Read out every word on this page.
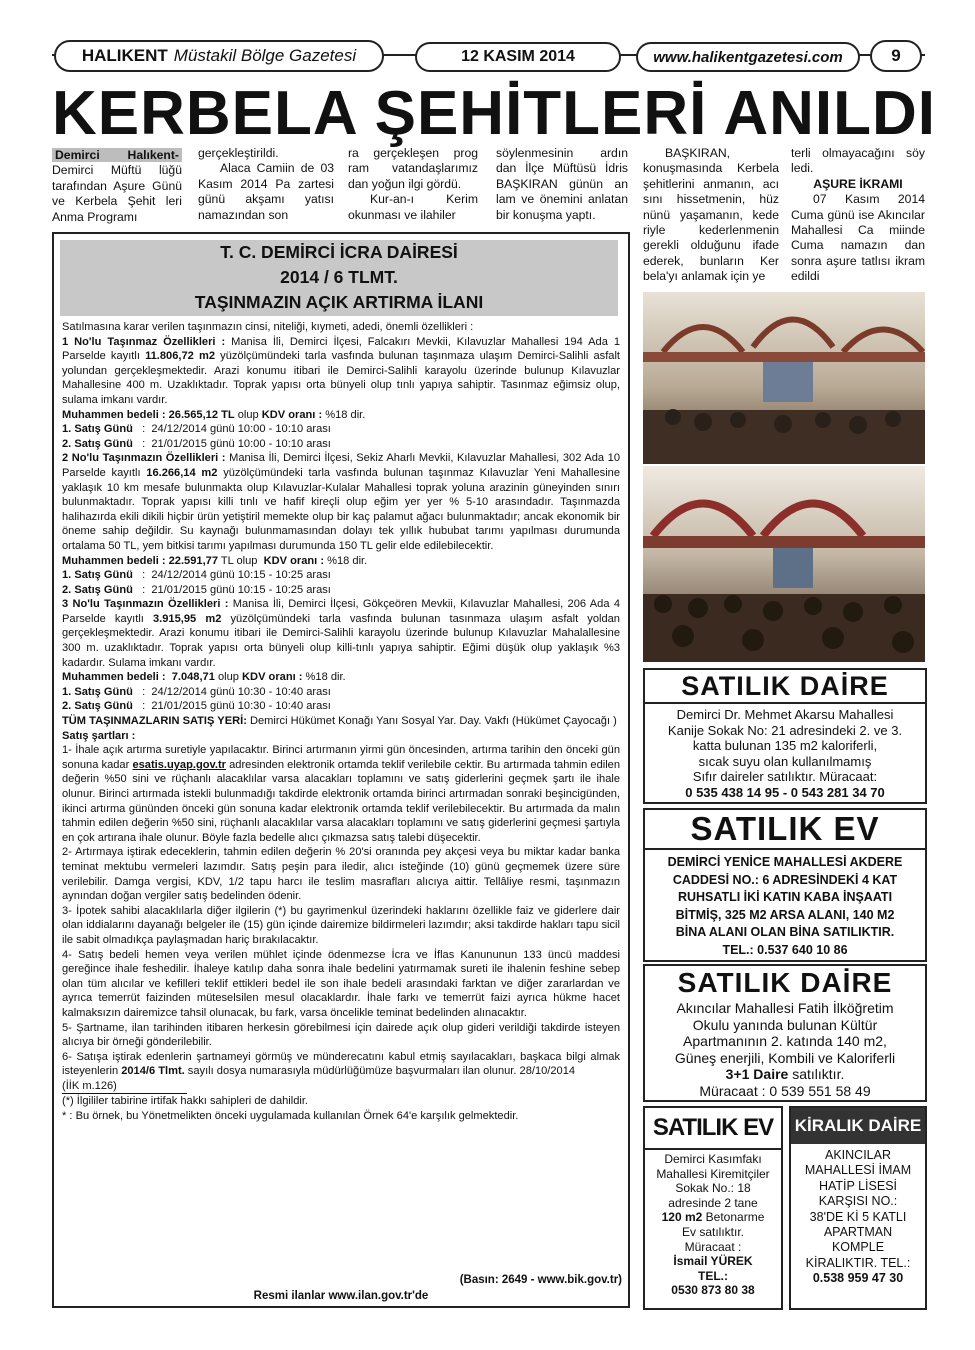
HALIKENT Müstakil Bölge Gazetesi	12 KASIM 2014	www.halikentgazetesi.com	9
KERBELA ŞEHİTLERİ ANILDI

Demirci Halıkent- Demirci Müftü lüğü tarafından Aşure Günü ve Kerbela Şehit leri Anma Programı

gerçekleştirildi.

Alaca Camiin de 03 Kasım 2014 Pa zartesi günü akşamı yatısı namazından son

ra gerçekleşen prog ram vatandaşlarımız dan yoğun ilgi gördü.

Kur-an-ı Kerim okunması ve ilahiler

söylenmesinin ardın dan İlçe Müftüsü İdris BAŞKIRAN günün an lam ve önemini anlatan bir konuşma yaptı.

BAŞKIRAN, konuşmasında Kerbela şehitlerini anmanın, acı sını hissetmenin, hüz nünü yaşamanın, kede riyle kederlenmenin gerekli olduğunu ifade ederek, bunların Ker bela'yı anlamak için ye

terli olmayacağını söy ledi.

AŞURE İKRAMI

07 Kasım 2014 Cuma günü ise Akıncılar Mahallesi Ca miinde Cuma namazın dan sonra aşure tatlısı ikram edildi

T. C. DEMİRCİ İCRA DAİRESİ
2014 / 6 TLMT.
TAŞINMAZIN AÇIK ARTIRMA İLANI

Satılmasına karar verilen taşınmazın cinsi, niteliği, kıymeti, adedi, önemli özellikleri :

1 No'lu Taşınmaz Özellikleri : Manisa İli, Demirci İlçesi, Falcakırı Mevkii, Kılavuzlar Mahallesi 194 Ada 1 Parselde kayıtlı 11.806,72 m2 yüzölçümündeki tarla vasfında bulunan taşınmaza ulaşım Demirci-Salihli asfalt yolundan gerçekleşmektedir. Arazi konumu itibari ile Demirci-Salihli karayolu üzerinde bulunup Kılavuzlar Mahallesine 400 m. Uzaklıktadır. Toprak yapısı orta bünyeli olup tınlı yapıya sahiptir. Tasınmaz eğimsiz olup, sulama imkanı vardır.

Muhammen bedeli : 26.565,12 TL olup KDV oranı : %18 dir.

1. Satış Günü   :  24/12/2014 günü 10:00 - 10:10 arası

2. Satış Günü   :  21/01/2015 günü 10:00 - 10:10 arası

2 No'lu Taşınmazın Özellikleri : Manisa İli, Demirci İlçesi, Sekiz Aharlı Mevkii, Kılavuzlar Mahallesi, 302 Ada 10 Parselde kayıtlı 16.266,14 m2 yüzölçümündeki tarla vasfında bulunan taşınmaz Kılavuzlar Yeni Mahallesine yaklaşık 10 km mesafe bulunmakta olup Kılavuzlar-Kulalar Mahallesi toprak yoluna arazinin güneyinden sınırı bulunmaktadır. Toprak yapısı killi tınlı ve hafif kireçli olup eğim yer yer % 5-10 arasındadır. Taşınmazda halihazırda ekili dikili hiçbir ürün yetiştiril memekte olup bir kaç palamut ağacı bulunmaktadır; ancak ekonomik bir öneme sahip değildir. Su kaynağı bulunmamasından dolayı tek yıllık hububat tarımı yapılması durumunda ortalama 50 TL, yem bitkisi tarımı yapılması durumunda 150 TL gelir elde edilebilecektir.

Muhammen bedeli : 22.591,77 TL olup  KDV oranı : %18 dir.

1. Satış Günü   :  24/12/2014 günü 10:15 - 10:25 arası

2. Satış Günü   :  21/01/2015 günü 10:15 - 10:25 arası

3 No'lu Taşınmazın Özellikleri : Manisa İli, Demirci İlçesi, Gökçeören Mevkii, Kılavuzlar Mahallesi, 206 Ada 4 Parselde kayıtlı 3.915,95 m2 yüzölçümündeki tarla vasfında bulunan tasınmaza ulaşım asfalt yoldan gerçekleşmektedir. Arazi konumu itibari ile Demirci-Salihli karayolu üzerinde bulunup Kılavuzlar Mahalallesine 300 m. uzaklıktadır. Toprak yapısı orta bünyeli olup killi-tınlı yapıya sahiptir. Eğimi düşük olup yaklaşık %3 kadardır. Sulama imkanı vardır.

Muhammen bedeli :  7.048,71 olup KDV oranı : %18 dir.

1. Satış Günü   :  24/12/2014 günü 10:30 - 10:40 arası

2. Satış Günü   :  21/01/2015 günü 10:30 - 10:40 arası

TÜM TAŞINMAZLARIN SATIŞ YERİ: Demirci Hükümet Konağı Yanı Sosyal Yar. Day. Vakfı (Hükümet Çayocağı )

Satış şartları :

1- İhale açık artırma suretiyle yapılacaktır. Birinci artırmanın yirmi gün öncesinden, artırma tarihin den önceki gün sonuna kadar esatis.uyap.gov.tr adresinden elektronik ortamda teklif verilebile cektir. Bu artırmada tahmin edilen değerin %50 sini ve rüçhanlı alacaklılar varsa alacakları toplamını ve satış giderlerini geçmek şartı ile ihale olunur. Birinci artırmada istekli bulunmadığı takdirde elektronik ortamda birinci artırmadan sonraki beşincigünden, ikinci artırma gününden önceki gün sonuna kadar elektronik ortamda teklif verilebilecektir. Bu artırmada da malın tahmin edilen değerin %50 sini, rüçhanlı alacaklılar varsa alacakları toplamını ve satış giderlerini geçmesi şartıyla en çok artırana ihale olunur. Böyle fazla bedelle alıcı çıkmazsa satış talebi düşecektir.

2- Artırmaya iştirak edeceklerin, tahmin edilen değerin % 20'si oranında pey akçesi veya bu miktar kadar banka teminat mektubu vermeleri lazımdır. Satış peşin para iledir, alıcı isteğinde (10) günü geçmemek üzere süre verilebilir. Damga vergisi, KDV, 1/2 tapu harcı ile teslim masrafları alıcıya aittir. Tellâliye resmi, taşınmazın aynından doğan vergiler satış bedelinden ödenir.

3- İpotek sahibi alacaklılarla diğer ilgilerin (*) bu gayrimenkul üzerindeki haklarını özellikle faiz ve giderlere dair olan iddialarını dayanağı belgeler ile (15) gün içinde dairemize bildirmeleri lazımdır; aksi takdirde hakları tapu sicil ile sabit olmadıkça paylaşmadan hariç bırakılacaktır.

4- Satış bedeli hemen veya verilen mühlet içinde ödenmezse İcra ve İflas Kanununun 133 üncü maddesi gereğince ihale feshedilir. İhaleye katılıp daha sonra ihale bedelini yatırmamak sureti ile ihalenin feshine sebep olan tüm alıcılar ve kefilleri teklif ettikleri bedel ile son ihale bedeli arasındaki farktan ve diğer zararlardan ve ayrıca temerrüt faizinden müteselsilen mesul olacaklardır. İhale farkı ve temerrüt faizi ayrıca hükme hacet kalmaksızın dairemizce tahsil olunacak, bu fark, varsa öncelikle teminat bedelinden alınacaktır.

5- Şartname, ilan tarihinden itibaren herkesin görebilmesi için dairede açık olup gideri verildiği takdirde isteyen alıcıya bir örneği gönderilebilir.

6- Satışa iştirak edenlerin şartnameyi görmüş ve münderecatını kabul etmiş sayılacakları, başkaca bilgi almak isteyenlerin 2014/6 Tlmt. sayılı dosya numarasıyla müdürlüğümüze başvurmaları ilan olunur. 28/10/2014

(İİK m.126)

(*) İlgililer tabirine irtifak hakkı sahipleri de dahildir.

* : Bu örnek, bu Yönetmelikten önceki uygulamada kullanılan Örnek 64'e karşılık gelmektedir.

(Basın: 2649 - www.bik.gov.tr)
Resmi ilanlar www.ilan.gov.tr'de
SATILIK DAİRE

Demirci Dr. Mehmet Akarsu Mahallesi

Kanije Sokak No: 21 adresindeki 2. ve 3.

katta bulunan 135 m2 kaloriferli,

sıcak suyu olan kullanılmamış

Sıfır daireler satılıktır. Müracaat:

0 535 438 14 95 - 0 543 281 34 70

SATILIK EV

DEMİRCİ YENİCE MAHALLESİ AKDERE

CADDESİ NO.: 6 ADRESİNDEKİ 4 KAT

RUHSATLI İKİ KATIN KABA İNŞAATI

BİTMİŞ, 325 M2 ARSA ALANI, 140 M2

BİNA ALANI OLAN BİNA SATILIKTIR.

TEL.: 0.537 640 10 86

SATILIK DAİRE

Akıncılar Mahallesi Fatih İlköğretim

Okulu yanında bulunan Kültür

Apartmanının 2. katında 140 m2,

Güneş enerjili, Kombili ve Kaloriferli

3+1 Daire satılıktır.

Müracaat : 0 539 551 58 49

SATILIK EV

Demirci Kasımfakı

Mahallesi Kiremitçiler

Sokak No.: 18

adresinde 2 tane

120 m2 Betonarme

Ev satılıktır.

Müracaat :

İsmail YÜREK

TEL.:

0530 873 80 38

KİRALIK DAİRE

AKINCILAR

MAHALLESİ İMAM

HATİP LİSESİ

KARŞISI NO.:

38'DE Kİ 5 KATLI

APARTMAN

KOMPLE

KİRALIKTIR. TEL.:

0.538 959 47 30
